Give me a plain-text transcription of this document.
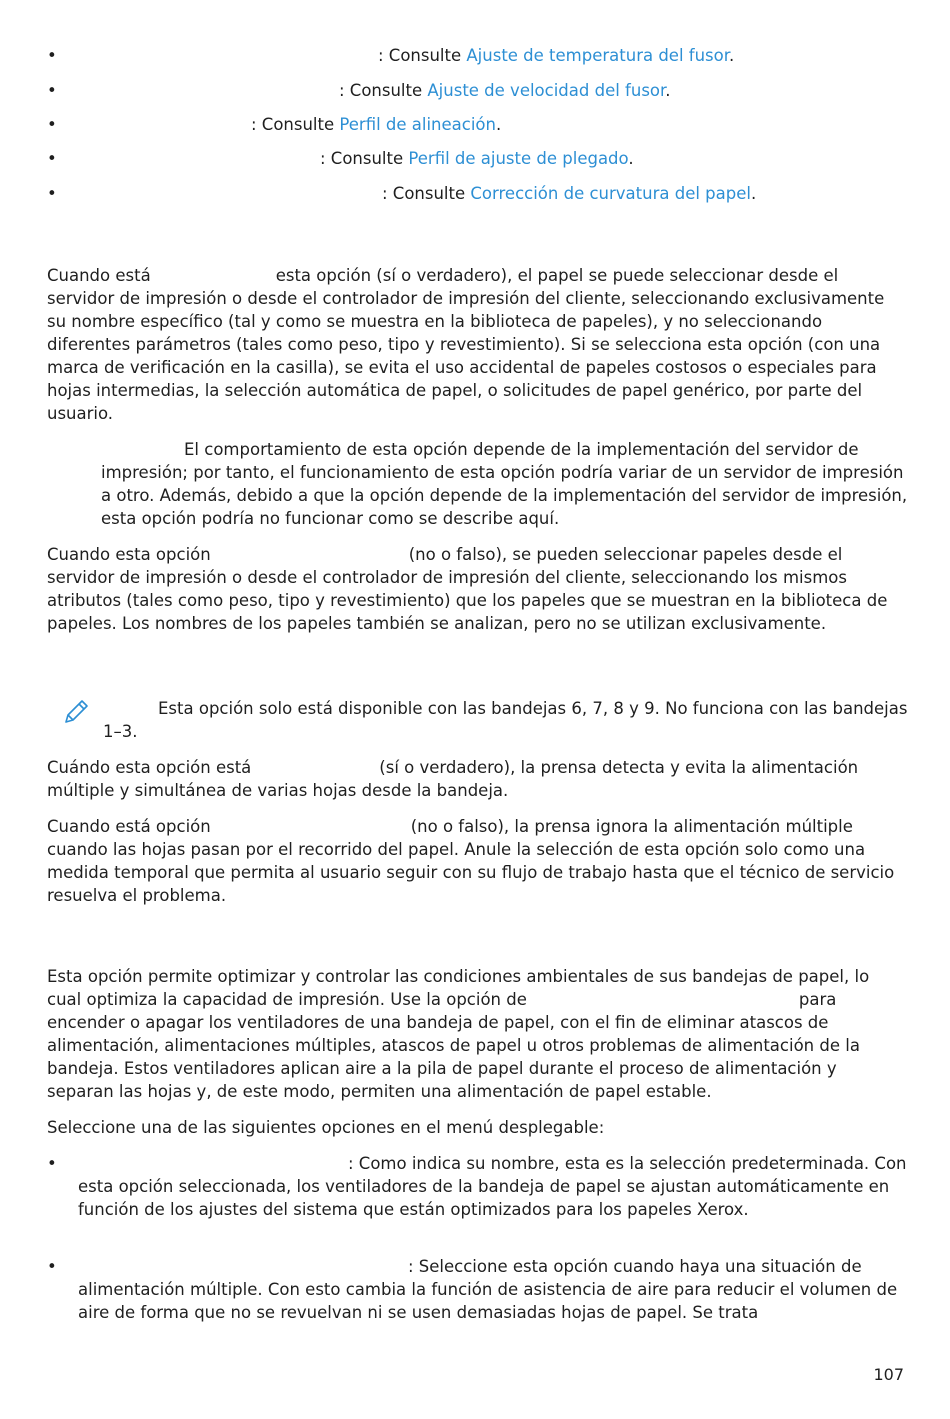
•	: Consulte Ajuste de temperatura del fusor.
•	: Consulte Ajuste de velocidad del fusor.
•	: Consulte Perfil de alineación.
•	: Consulte Perfil de ajuste de plegado.
•	: Consulte Corrección de curvatura del papel.

Cuando está	esta opción (sí o verdadero), el papel se puede seleccionar desde el servidor de impresión o desde el controlador de impresión del cliente, seleccionando exclusivamente su nombre específico (tal y como se muestra en la biblioteca de papeles), y no seleccionando diferentes parámetros (tales como peso, tipo y revestimiento). Si se selecciona esta opción (con una marca de verificación en la casilla), se evita el uso accidental de papeles costosos o especiales para hojas intermedias, la selección automática de papel, o solicitudes de papel genérico, por parte del usuario.

El comportamiento de esta opción depende de la implementación del servidor de impresión; por tanto, el funcionamiento de esta opción podría variar de un servidor de impresión a otro. Además, debido a que la opción depende de la implementación del servidor de impresión, esta opción podría no funcionar como se describe aquí.

Cuando esta opción	(no o falso), se pueden seleccionar papeles desde el servidor de impresión o desde el controlador de impresión del cliente, seleccionando los mismos atributos (tales como peso, tipo y revestimiento) que los papeles que se muestran en la biblioteca de papeles. Los nombres de los papeles también se analizan, pero no se utilizan exclusivamente.

Esta opción solo está disponible con las bandejas 6, 7, 8 y 9. No funciona con las bandejas 1–3.

Cuándo esta opción está	(sí o verdadero), la prensa detecta y evita la alimentación múltiple y simultánea de varias hojas desde la bandeja.

Cuando está opción	(no o falso), la prensa ignora la alimentación múltiple cuando las hojas pasan por el recorrido del papel. Anule la selección de esta opción solo como una medida temporal que permita al usuario seguir con su flujo de trabajo hasta que el técnico de servicio resuelva el problema.

Esta opción permite optimizar y controlar las condiciones ambientales de sus bandejas de papel, lo cual optimiza la capacidad de impresión. Use la opción de	para encender o apagar los ventiladores de una bandeja de papel, con el fin de eliminar atascos de alimentación, alimentaciones múltiples, atascos de papel u otros problemas de alimentación de la bandeja. Estos ventiladores aplican aire a la pila de papel durante el proceso de alimentación y separan las hojas y, de este modo, permiten una alimentación de papel estable.

Seleccione una de las siguientes opciones en el menú desplegable:

•	: Como indica su nombre, esta es la selección predeterminada. Con esta opción seleccionada, los ventiladores de la bandeja de papel se ajustan automáticamente en función de los ajustes del sistema que están optimizados para los papeles Xerox.
•	: Seleccione esta opción cuando haya una situación de alimentación múltiple. Con esto cambia la función de asistencia de aire para reducir el volumen de aire de forma que no se revuelvan ni se usen demasiadas hojas de papel. Se trata
107
